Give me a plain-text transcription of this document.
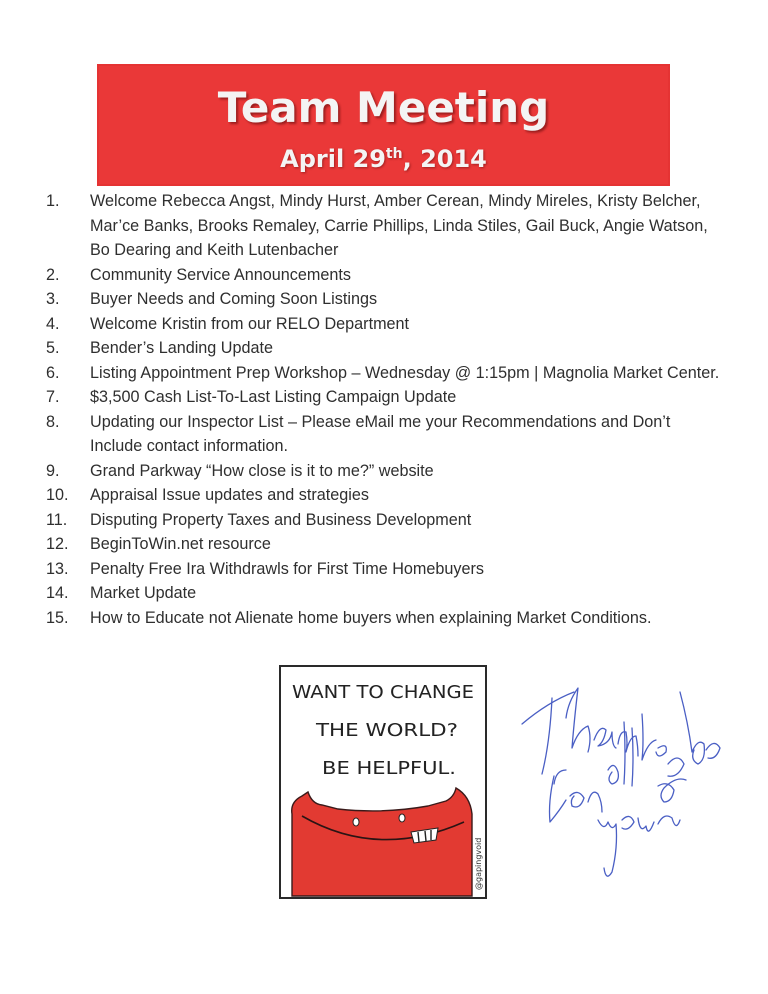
Team Meeting
April 29th, 2014
1.	Welcome Rebecca Angst, Mindy Hurst, Amber Cerean, Mindy Mireles, Kristy Belcher, Mar’ce Banks, Brooks Remaley, Carrie Phillips, Linda Stiles, Gail Buck, Angie Watson, Bo Dearing and Keith Lutenbacher
2.	Community Service Announcements
3.	Buyer Needs and Coming Soon Listings
4.	Welcome Kristin from our RELO Department
5.	Bender’s Landing Update
6.	Listing Appointment Prep Workshop – Wednesday @ 1:15pm | Magnolia Market Center.
7.	$3,500 Cash List-To-Last Listing Campaign Update
8.	Updating our Inspector List – Please eMail me your Recommendations and Don’t Include contact information.
9.	Grand Parkway “How close is it to me?” website
10.	Appraisal Issue updates and strategies
11.	Disputing Property Taxes and Business Development
12.	BeginToWin.net resource
13.	Penalty Free Ira Withdrawls for First Time Homebuyers
14.	Market Update
15.	How to Educate not Alienate home buyers when explaining Market Conditions.
WANT TO CHANGE
THE WORLD?
BE HELPFUL.
@gapingvoid
